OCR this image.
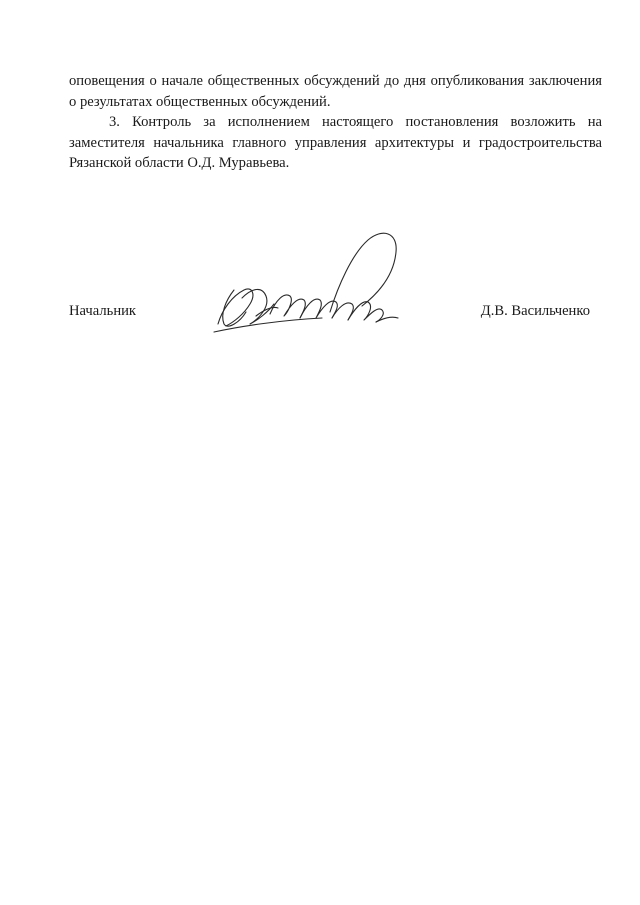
оповещения о начале общественных обсуждений до дня опубликования заключения о результатах общественных обсуждений.

3. Контроль за исполнением настоящего постановления возложить на заместителя начальника главного управления архитектуры и градостроительства Рязанской области О.Д. Муравьева.

Начальник	Д.В. Васильченко
